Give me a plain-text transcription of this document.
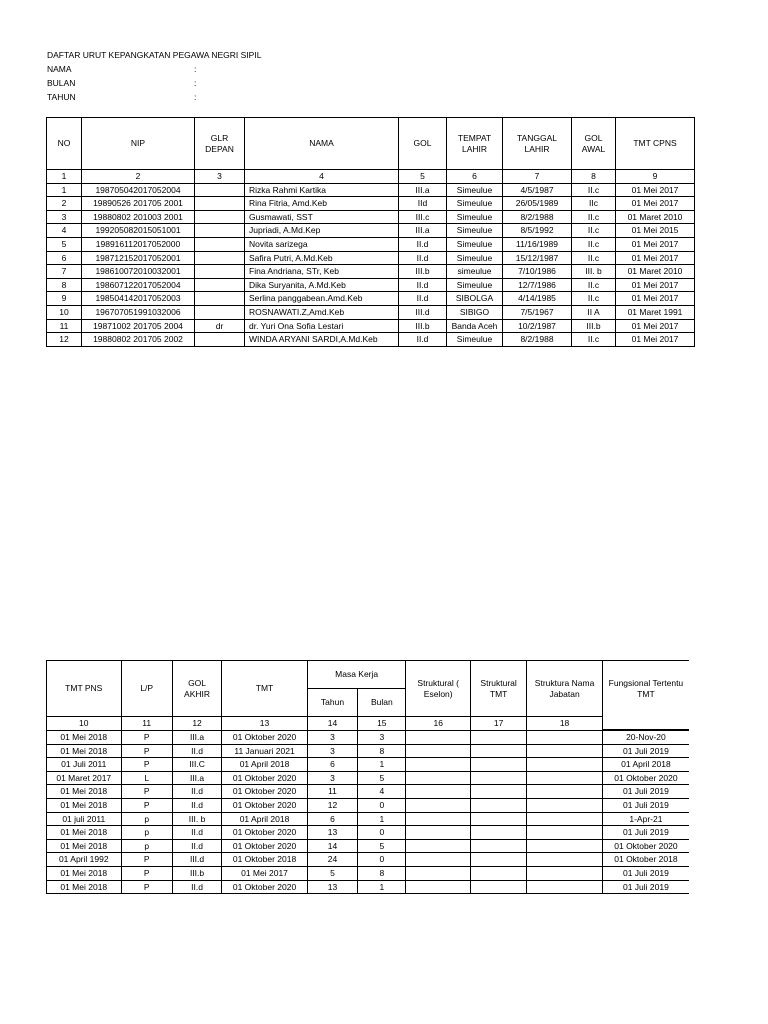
DAFTAR URUT KEPANGKATAN PEGAWA NEGRI SIPIL
NAMA	:
BULAN	:
TAHUN	:
NO	NIP	GLR DEPAN	NAMA	GOL	TEMPAT LAHIR	TANGGAL LAHIR	GOL AWAL	TMT CPNS
1	2	3	4	5	6	7	8	9
1	198705042017052004		Rizka Rahmi Kartika	III.a	Simeulue	4/5/1987	II.c	01 Mei 2017
2	19890526 201705 2001		Rina Fitria, Amd.Keb	IId	Simeulue	26/05/1989	IIc	01 Mei 2017
3	19880802 201003 2001		Gusmawati, SST	III.c	Simeulue	8/2/1988	II.c	01 Maret 2010
4	199205082015051001		Jupriadi, A.Md.Kep	III.a	Simeulue	8/5/1992	II.c	01 Mei 2015
5	198916112017052000		Novita sarizega	II.d	Simeulue	11/16/1989	II.c	01 Mei 2017
6	198712152017052001		Safira Putri, A.Md.Keb	II.d	Simeulue	15/12/1987	II.c	01 Mei 2017
7	198610072010032001		Fina Andriana, STr, Keb	III.b	simeulue	7/10/1986	III. b	01 Maret 2010
8	198607122017052004		Dika Suryanita, A.Md.Keb	II.d	Simeulue	12/7/1986	II.c	01 Mei 2017
9	198504142017052003		Serlina panggabean.Amd.Keb	II.d	SIBOLGA	4/14/1985	II.c	01 Mei 2017
10	196707051991032006		ROSNAWATI.Z,Amd.Keb	III.d	SIBIGO	7/5/1967	II A	01 Maret 1991
11	19871002 201705 2004	dr	dr. Yuri Ona Sofia Lestari	III.b	Banda Aceh	10/2/1987	III.b	01 Mei 2017
12	19880802 201705 2002		WINDA ARYANI SARDI,A.Md.Keb	II.d	Simeulue	8/2/1988	II.c	01 Mei 2017
TMT PNS	L/P	GOL AKHIR	TMT	Masa Kerja		Struktural ( Eselon)	Struktural TMT	Struktura Nama Jabatan	Fungsional Tertentu TMT
				Tahun	Bulan				
10	11	12	13	14	15	16	17	18	
01 Mei 2018	P	III.a	01 Oktober 2020	3	3				20-Nov-20
01 Mei 2018	P	II.d	11 Januari 2021	3	8				01 Juli 2019
01 Juli 2011	P	III.C	01 April 2018	6	1				01 April 2018
01 Maret 2017	L	III.a	01 Oktober 2020	3	5				01 Oktober 2020
01 Mei 2018	P	II.d	01 Oktober 2020	11	4				01 Juli 2019
01 Mei 2018	P	II.d	01 Oktober 2020	12	0				01 Juli 2019
01 juli 2011	p	III. b	01 April 2018	6	1				1-Apr-21
01 Mei 2018	p	II.d	01 Oktober 2020	13	0				01 Juli 2019
01 Mei 2018	p	II.d	01 Oktober 2020	14	5				01 Oktober 2020
01 April 1992	P	III.d	01 Oktober 2018	24	0				01 Oktober 2018
01 Mei 2018	P	III.b	01 Mei 2017	5	8				01 Juli 2019
01 Mei 2018	P	II.d	01 Oktober 2020	13	1				01 Juli 2019
